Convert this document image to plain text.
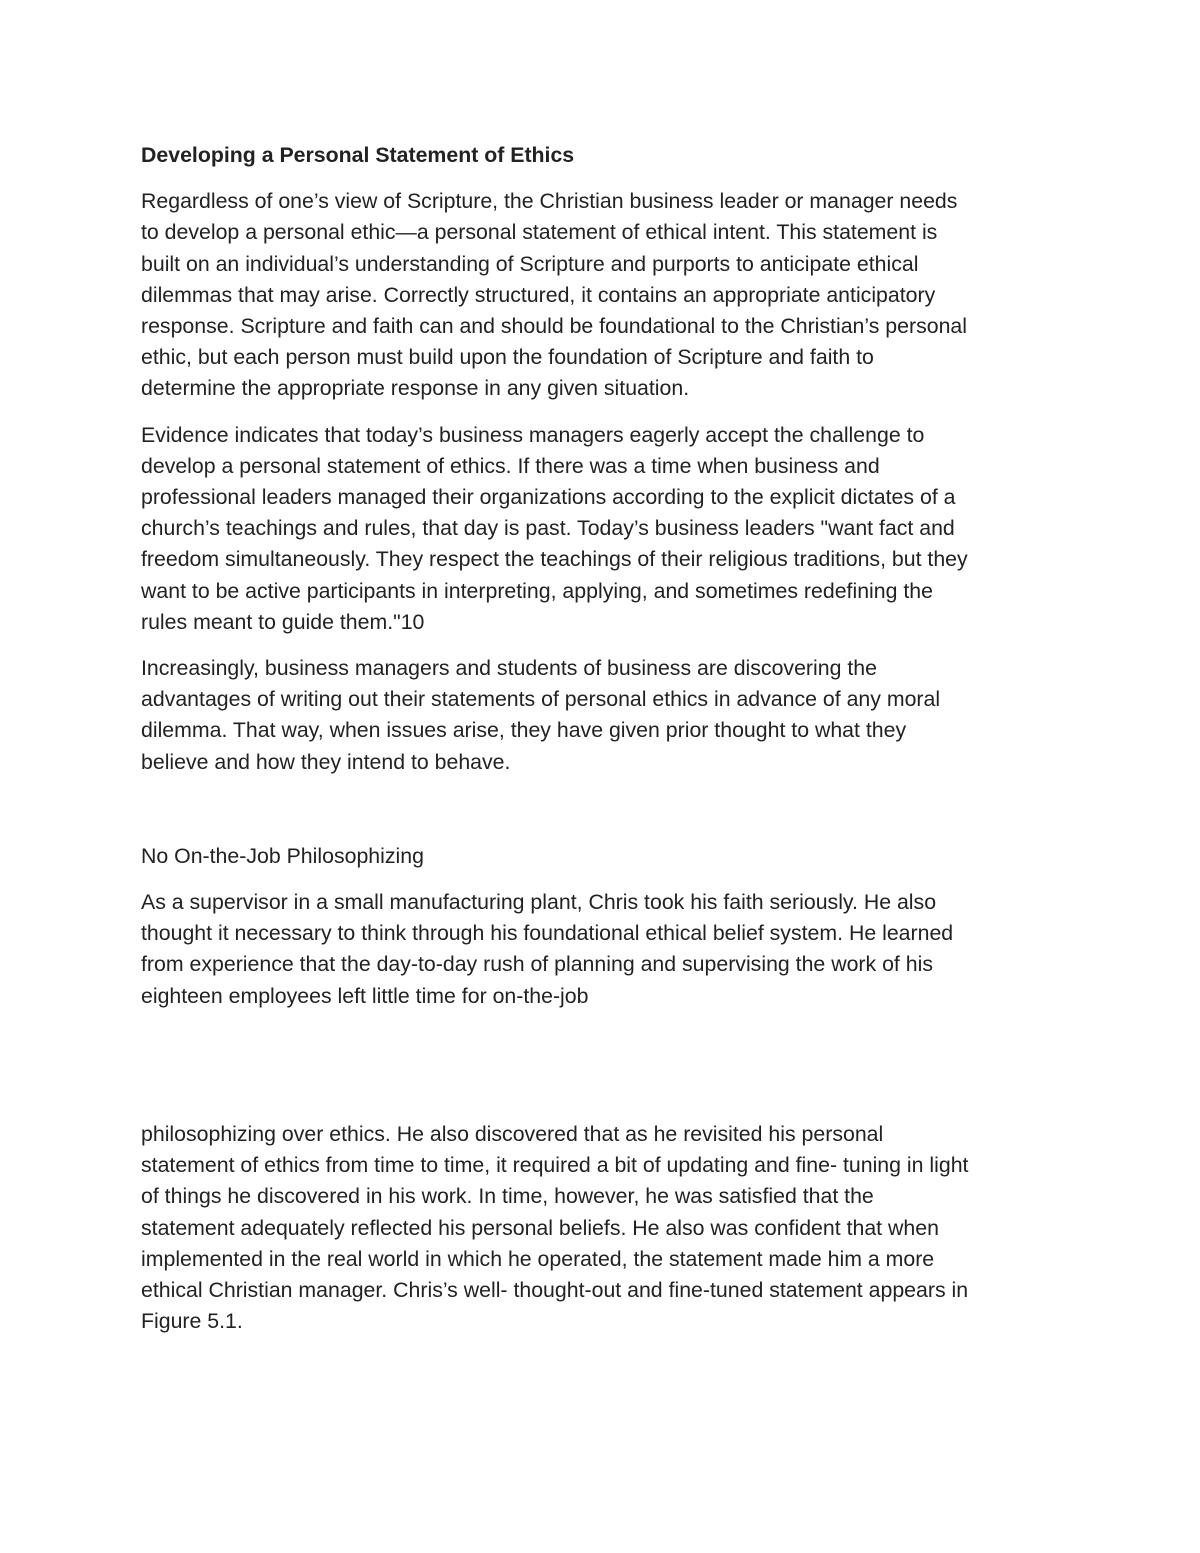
Developing a Personal Statement of Ethics
Regardless of one’s view of Scripture, the Christian business leader or manager needs
to develop a personal ethic—a personal statement of ethical intent. This statement is
built on an individual’s understanding of Scripture and purports to anticipate ethical
dilemmas that may arise. Correctly structured, it contains an appropriate anticipatory
response. Scripture and faith can and should be foundational to the Christian’s personal
ethic, but each person must build upon the foundation of Scripture and faith to
determine the appropriate response in any given situation.
Evidence indicates that today’s business managers eagerly accept the challenge to
develop a personal statement of ethics. If there was a time when business and
professional leaders managed their organizations according to the explicit dictates of a
church’s teachings and rules, that day is past. Today’s business leaders "want fact and
freedom simultaneously. They respect the teachings of their religious traditions, but they
want to be active participants in interpreting, applying, and sometimes redefining the
rules meant to guide them."10
Increasingly, business managers and students of business are discovering the
advantages of writing out their statements of personal ethics in advance of any moral
dilemma. That way, when issues arise, they have given prior thought to what they
believe and how they intend to behave.
No On-the-Job Philosophizing
As a supervisor in a small manufacturing plant, Chris took his faith seriously. He also
thought it necessary to think through his foundational ethical belief system. He learned
from experience that the day-to-day rush of planning and supervising the work of his
eighteen employees left little time for on-the-job
philosophizing over ethics. He also discovered that as he revisited his personal
statement of ethics from time to time, it required a bit of updating and fine- tuning in light
of things he discovered in his work. In time, however, he was satisfied that the
statement adequately reflected his personal beliefs. He also was confident that when
implemented in the real world in which he operated, the statement made him a more
ethical Christian manager. Chris’s well- thought-out and fine-tuned statement appears in
Figure 5.1.
